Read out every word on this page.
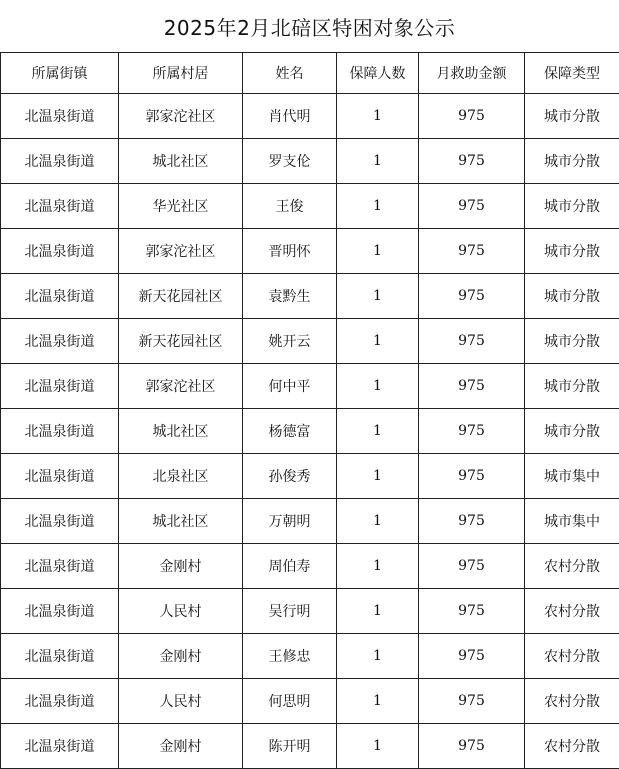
2025年2月北碚区特困对象公示
所属街镇	所属村居	姓名	保障人数	月救助金额	保障类型
北温泉街道	郭家沱社区	肖代明	1	975	城市分散
北温泉街道	城北社区	罗支伦	1	975	城市分散
北温泉街道	华光社区	王俊	1	975	城市分散
北温泉街道	郭家沱社区	晋明怀	1	975	城市分散
北温泉街道	新天花园社区	袁黔生	1	975	城市分散
北温泉街道	新天花园社区	姚开云	1	975	城市分散
北温泉街道	郭家沱社区	何中平	1	975	城市分散
北温泉街道	城北社区	杨德富	1	975	城市分散
北温泉街道	北泉社区	孙俊秀	1	975	城市集中
北温泉街道	城北社区	万朝明	1	975	城市集中
北温泉街道	金刚村	周伯寿	1	975	农村分散
北温泉街道	人民村	吴行明	1	975	农村分散
北温泉街道	金刚村	王修忠	1	975	农村分散
北温泉街道	人民村	何思明	1	975	农村分散
北温泉街道	金刚村	陈开明	1	975	农村分散
